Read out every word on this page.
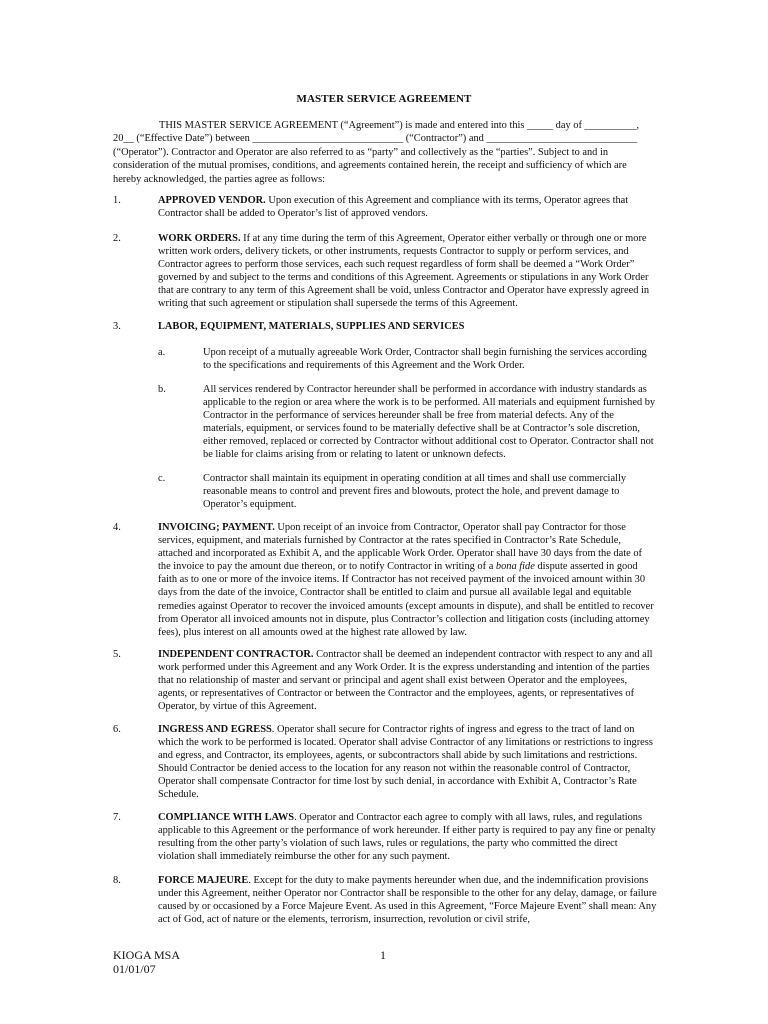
MASTER SERVICE AGREEMENT

THIS MASTER SERVICE AGREEMENT (“Agreement”) is made and entered into this _____ day of __________, 20__ (“Effective Date”) between _____________________________ (“Contractor”) and _____________________________ (“Operator”). Contractor and Operator are also referred to as “party” and collectively as the “parties”. Subject to and in consideration of the mutual promises, conditions, and agreements contained herein, the receipt and sufficiency of which are hereby acknowledged, the parties agree as follows:

1.	APPROVED VENDOR. Upon execution of this Agreement and compliance with its terms, Operator agrees that Contractor shall be added to Operator’s list of approved vendors.
2.	WORK ORDERS. If at any time during the term of this Agreement, Operator either verbally or through one or more written work orders, delivery tickets, or other instruments, requests Contractor to supply or perform services, and Contractor agrees to perform those services, each such request regardless of form shall be deemed a “Work Order” governed by and subject to the terms and conditions of this Agreement. Agreements or stipulations in any Work Order that are contrary to any term of this Agreement shall be void, unless Contractor and Operator have expressly agreed in writing that such agreement or stipulation shall supersede the terms of this Agreement.
3.	LABOR, EQUIPMENT, MATERIALS, SUPPLIES AND SERVICES
a.	Upon receipt of a mutually agreeable Work Order, Contractor shall begin furnishing the services according to the specifications and requirements of this Agreement and the Work Order.
b.	All services rendered by Contractor hereunder shall be performed in accordance with industry standards as applicable to the region or area where the work is to be performed. All materials and equipment furnished by Contractor in the performance of services hereunder shall be free from material defects. Any of the materials, equipment, or services found to be materially defective shall be at Contractor’s sole discretion, either removed, replaced or corrected by Contractor without additional cost to Operator. Contractor shall not be liable for claims arising from or relating to latent or unknown defects.
c.	Contractor shall maintain its equipment in operating condition at all times and shall use commercially reasonable means to control and prevent fires and blowouts, protect the hole, and prevent damage to Operator’s equipment.
4.	INVOICING; PAYMENT. Upon receipt of an invoice from Contractor, Operator shall pay Contractor for those services, equipment, and materials furnished by Contractor at the rates specified in Contractor’s Rate Schedule, attached and incorporated as Exhibit A, and the applicable Work Order. Operator shall have 30 days from the date of the invoice to pay the amount due thereon, or to notify Contractor in writing of a bona fide dispute asserted in good faith as to one or more of the invoice items. If Contractor has not received payment of the invoiced amount within 30 days from the date of the invoice, Contractor shall be entitled to claim and pursue all available legal and equitable remedies against Operator to recover the invoiced amounts (except amounts in dispute), and shall be entitled to recover from Operator all invoiced amounts not in dispute, plus Contractor’s collection and litigation costs (including attorney fees), plus interest on all amounts owed at the highest rate allowed by law.
5.	INDEPENDENT CONTRACTOR. Contractor shall be deemed an independent contractor with respect to any and all work performed under this Agreement and any Work Order. It is the express understanding and intention of the parties that no relationship of master and servant or principal and agent shall exist between Operator and the employees, agents, or representatives of Contractor or between the Contractor and the employees, agents, or representatives of Operator, by virtue of this Agreement.
6.	INGRESS AND EGRESS. Operator shall secure for Contractor rights of ingress and egress to the tract of land on which the work to be performed is located. Operator shall advise Contractor of any limitations or restrictions to ingress and egress, and Contractor, its employees, agents, or subcontractors shall abide by such limitations and restrictions. Should Contractor be denied access to the location for any reason not within the reasonable control of Contractor, Operator shall compensate Contractor for time lost by such denial, in accordance with Exhibit A, Contractor’s Rate Schedule.
7.	COMPLIANCE WITH LAWS. Operator and Contractor each agree to comply with all laws, rules, and regulations applicable to this Agreement or the performance of work hereunder. If either party is required to pay any fine or penalty resulting from the other party’s violation of such laws, rules or regulations, the party who committed the direct violation shall immediately reimburse the other for any such payment.
8.	FORCE MAJEURE. Except for the duty to make payments hereunder when due, and the indemnification provisions under this Agreement, neither Operator nor Contractor shall be responsible to the other for any delay, damage, or failure caused by or occasioned by a Force Majeure Event. As used in this Agreement, “Force Majeure Event” shall mean: Any act of God, act of nature or the elements, terrorism, insurrection, revolution or civil strife,
KIOGA MSA
01/01/07
1
